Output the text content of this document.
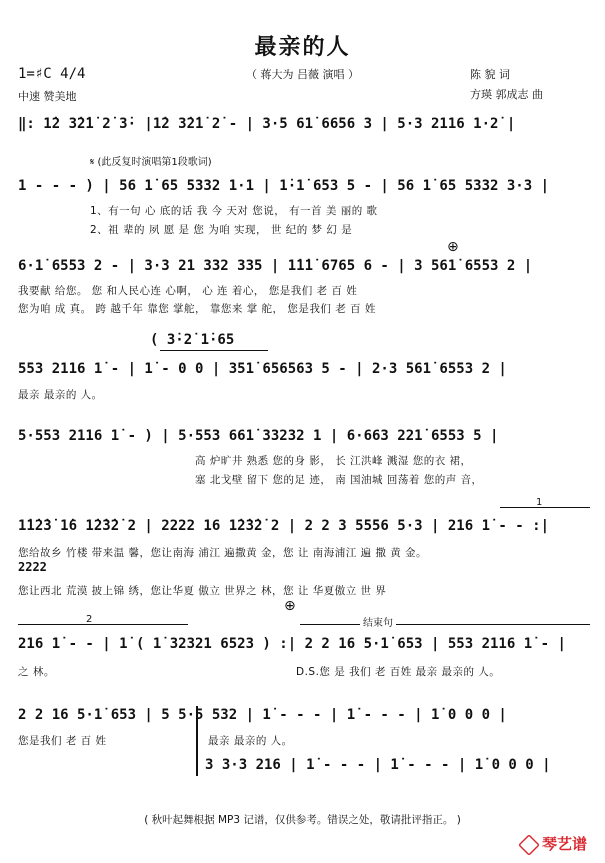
最亲的人
（ 蒋大为 吕薇 演唱 ）
1=♯C 4/4
中速 赞美地
陈 貌 词
方瑛 郭成志 曲
‖: 1̇2 3̇2̇1̇ 2̇ 3̇· |1̇2 3̇2̇1̇ 2̇ - | 3·5 61̇ 6656 3 | 5·3 2116 1·2̇ |
𝄋 (此反复时演唱第1段歌词)
1 - - - ) | 56 1̇ 65 5332 1·1 | 1̇·1̇ 653 5 - | 56 1̇ 65 5332 3·3 |
1、有一句 心 底的话 我 今 天对 您说， 有一首 美 丽的 歌
2、祖 辈的 夙 愿 是 您 为咱 实现， 世 纪的 梦 幻 是
⊕
6·1̇ 6553 2 - | 3·3 21 332 335 | 1̇1̇1̇ 6765 6 - | 3 561̇ 6553 2 |
我要献 给您。 您 和人民心连 心啊， 心 连 着心， 您是我们 老 百 姓
您为咱 成 真。 跨 越千年 靠您 掌舵， 靠您来 掌 舵， 您是我们 老 百 姓
( 3̇·2̇ 1̇·65
553 2116 1̇ - | 1̇ - 0 0 | 351̇ 656563 5 - | 2·3 561̇ 6553 2 |
最亲 最亲的 人。
5·553 2116 1̇ - ) | 5·553 661̇ 33232 1 | 6·663 221̇ 6553 5 |
高 炉旷井 熟悉 您的身 影， 长 江洪峰 溅湿 您的衣 裙，
塞 北戈壁 留下 您的足 迹， 南 国油城 回荡着 您的声 音，
1
1̇1̇2̇3̇ 1̇6 1̇2̇3̇2̇ 2 | 2222 16 1̇2̇3̇2̇ 2 | 2 2 3 5556 5·3 | 216 1̇ - - :|
您给故乡 竹楼 带来温 馨，您让南海 浦江 遍撒黄 金，您 让 南海浦江 遍 撒 黄 金。
2222
您让西北 荒漠 披上锦 绣，您让华夏 傲立 世界之 林，您 让 华夏傲立 世 界
⊕
2	结束句
216 1̇ - - | 1̇ ( 1̇ 32321 6523 ) :| 2 2 16 5·1̇ 653 | 553 2116 1̇ - |
之 林。	D.S.您 是 我们 老 百姓 最亲 最亲的 人。
2 2 16 5·1̇ 653 | 5 5·5 532 | 1̇ - - - | 1̇ - - - | 1̇ 0 0 0 |
您是我们 老 百 姓	最亲 最亲的 人。
3 3·3 216 | 1̇ - - - | 1̇ - - - | 1̇ 0 0 0 |
( 秋叶起舞根据 MP3 记谱，仅供参考。错误之处，敬请批评指正。 )
琴艺谱
